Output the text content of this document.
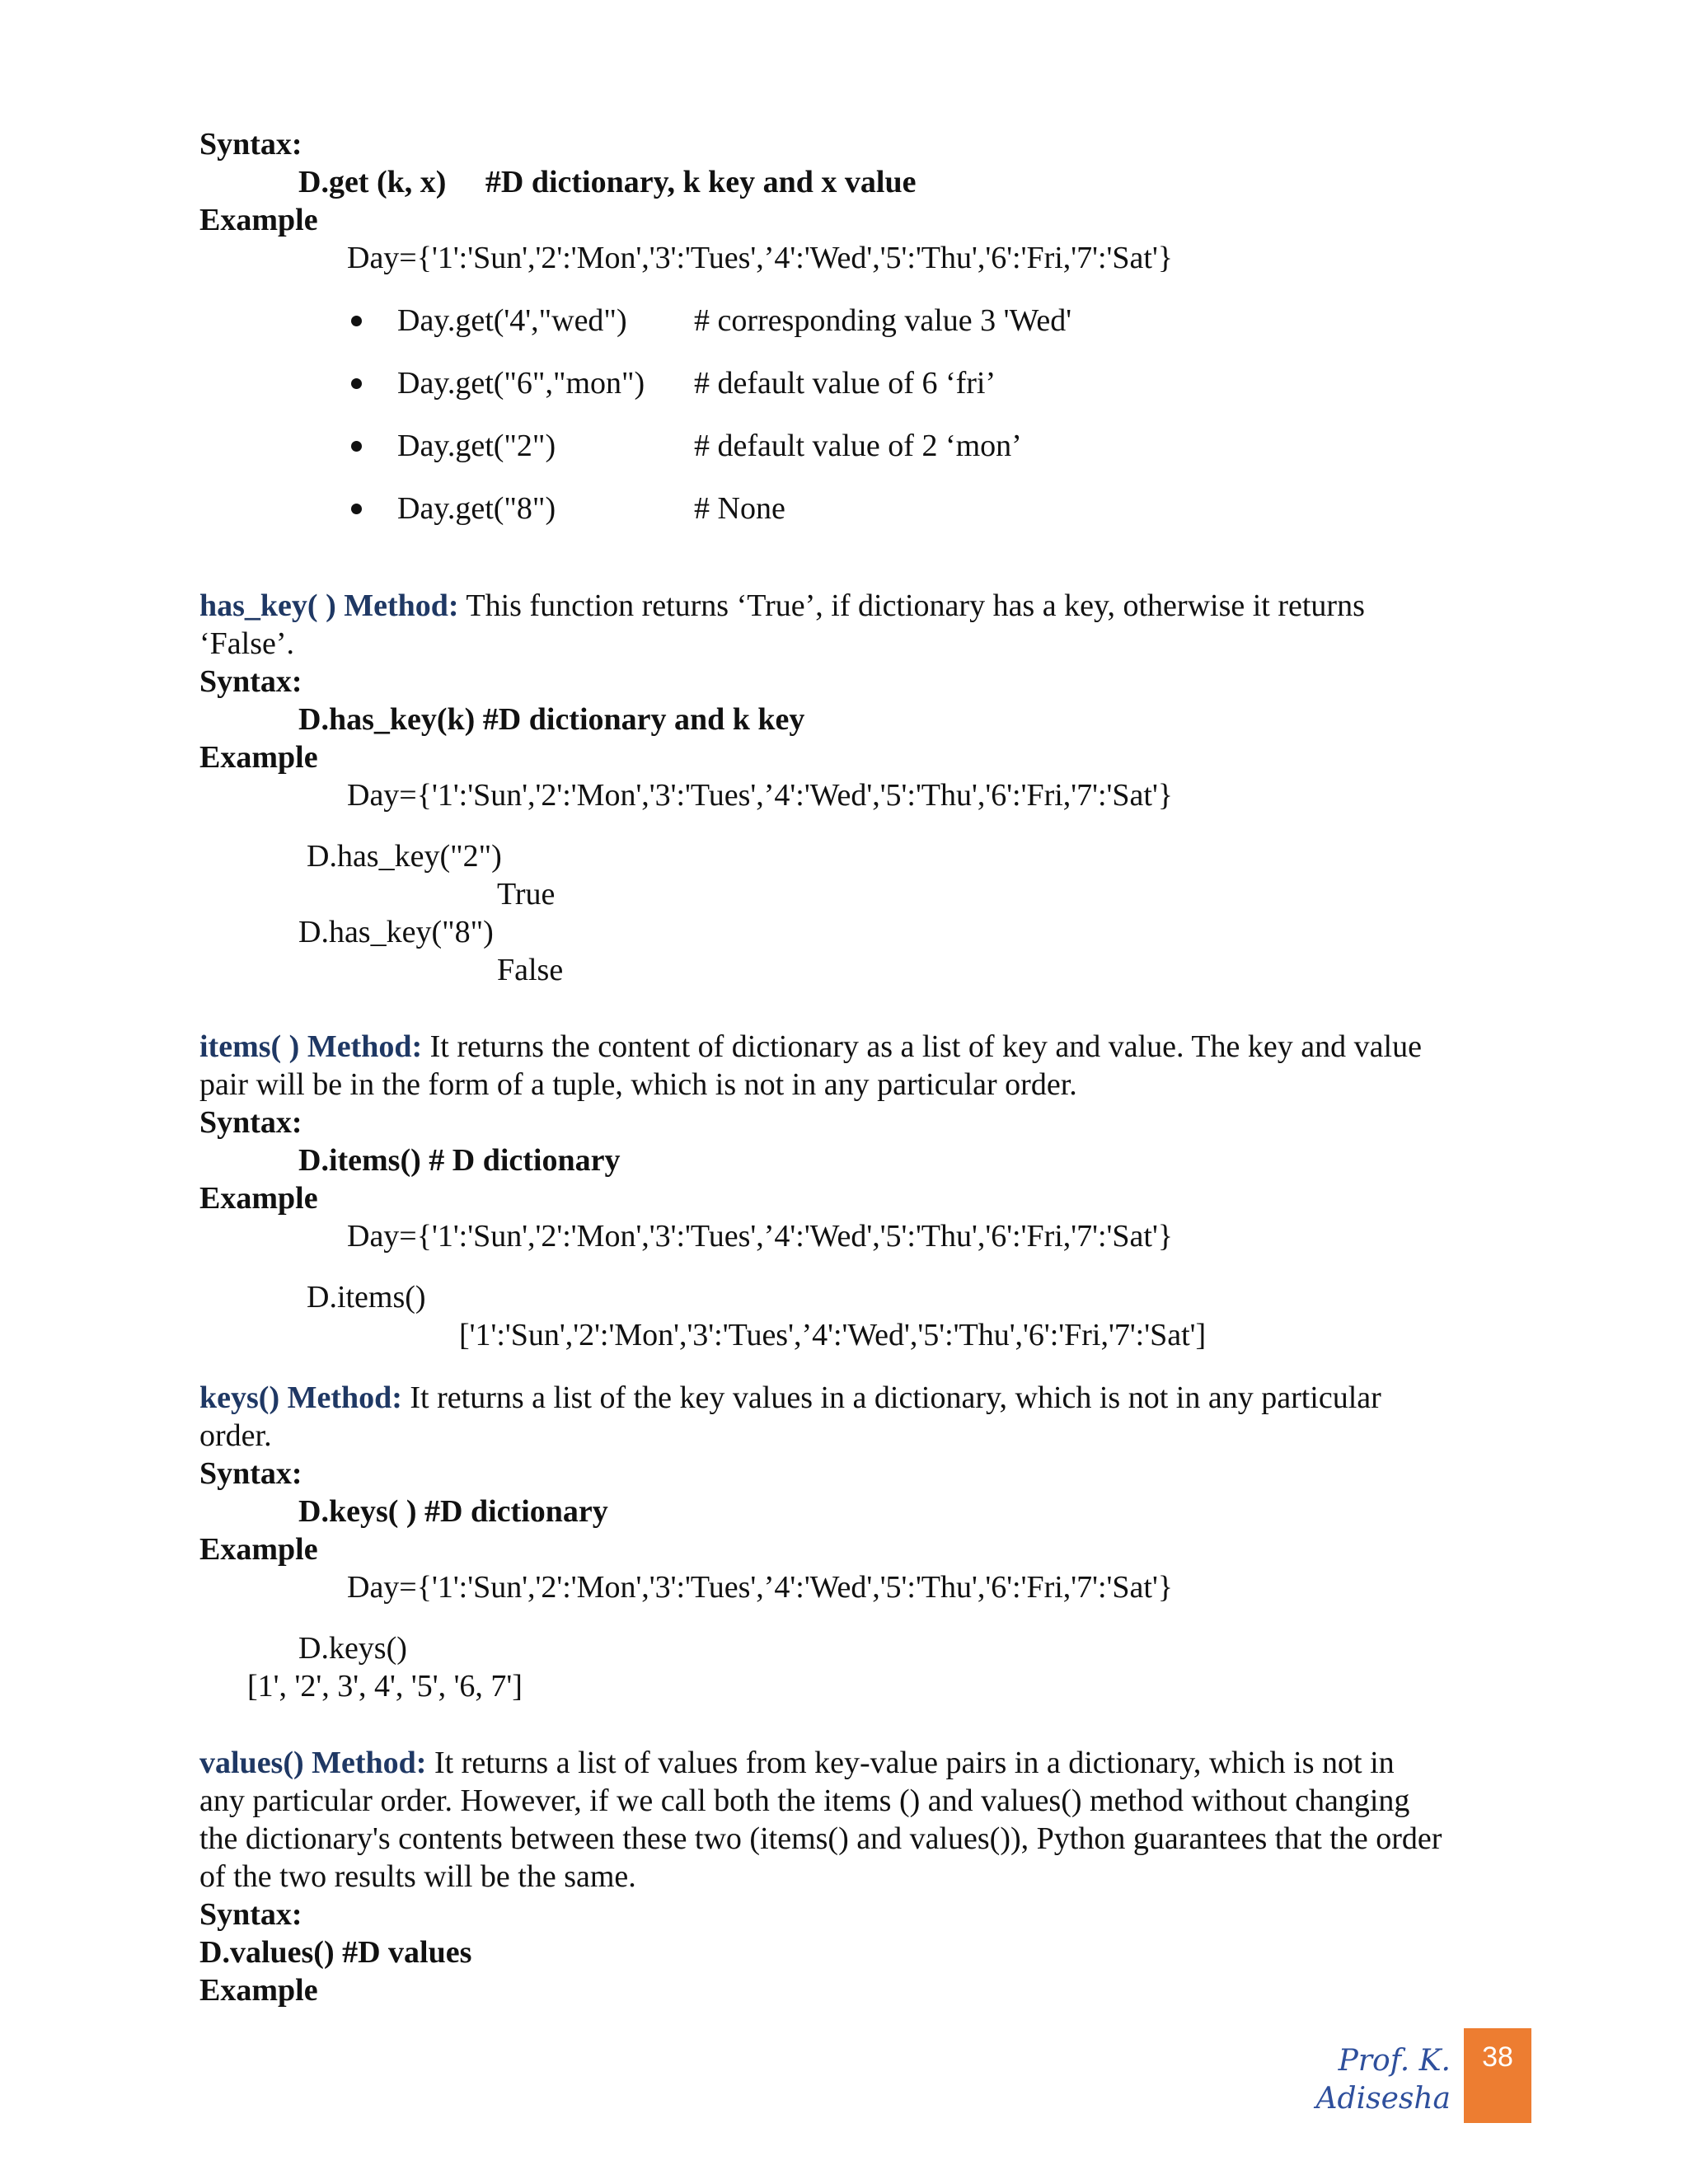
Syntax:
D.get (k, x)     #D dictionary, k key and x value
Example
Day={'1':'Sun','2':'Mon','3':'Tues',’4':'Wed','5':'Thu','6':'Fri,'7':'Sat'}
Day.get('4',"wed") # corresponding value 3 'Wed'
Day.get("6","mon") # default value of 6 ‘fri’
Day.get("2")	# default value of 2 ‘mon’
Day.get("8")	# None
has_key( ) Method: This function returns ‘True’, if dictionary has a key, otherwise it returns
‘False’.
Syntax:
D.has_key(k) #D dictionary and k key
Example
Day={'1':'Sun','2':'Mon','3':'Tues',’4':'Wed','5':'Thu','6':'Fri,'7':'Sat'}
D.has_key("2")
True
D.has_key("8")
False
items( ) Method: It returns the content of dictionary as a list of key and value. The key and value
pair will be in the form of a tuple, which is not in any particular order.
Syntax:
D.items() # D dictionary
Example
Day={'1':'Sun','2':'Mon','3':'Tues',’4':'Wed','5':'Thu','6':'Fri,'7':'Sat'}
D.items()
['1':'Sun','2':'Mon','3':'Tues',’4':'Wed','5':'Thu','6':'Fri,'7':'Sat']
keys() Method: It returns a list of the key values in a dictionary, which is not in any particular
order.
Syntax:
D.keys( ) #D dictionary
Example
Day={'1':'Sun','2':'Mon','3':'Tues',’4':'Wed','5':'Thu','6':'Fri,'7':'Sat'}
D.keys()
[1', '2', 3', 4', '5', '6, 7']
values() Method: It returns a list of values from key-value pairs in a dictionary, which is not in
any particular order. However, if we call both the items () and values() method without changing
the dictionary's contents between these two (items() and values()), Python guarantees that the order
of the two results will be the same.
Syntax:
D.values() #D values
Example
Prof. K. Adisesha
38
